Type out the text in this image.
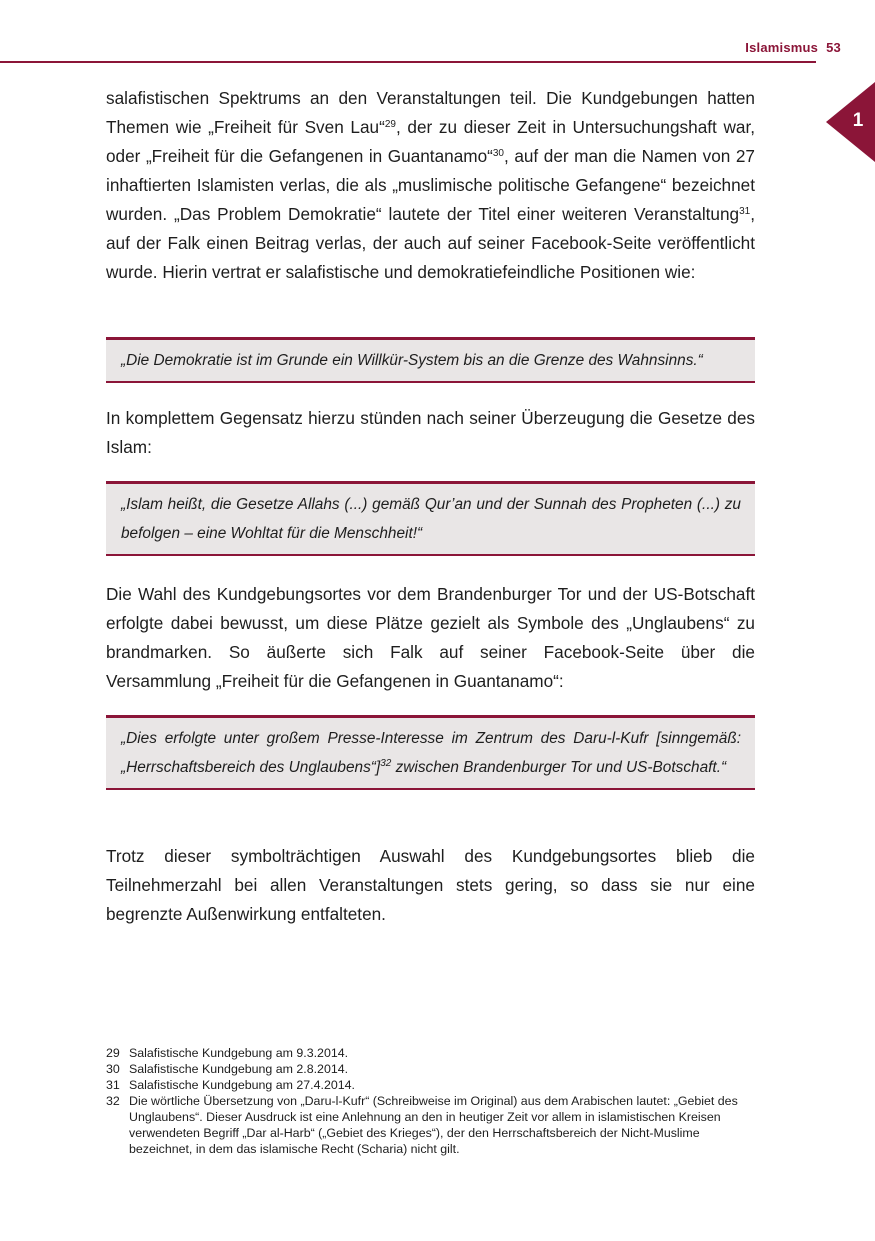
Islamismus 53
1

salafistischen Spektrums an den Veranstaltungen teil. Die Kundgebungen hatten Themen wie „Freiheit für Sven Lau“$^{29}$, der zu dieser Zeit in Untersuchungshaft war, oder „Freiheit für die Gefangenen in Guantanamo“$^{30}$, auf der man die Namen von 27 inhaftierten Islamisten verlas, die als „muslimische politische Gefangene“ bezeichnet wurden. „Das Problem Demokratie“ lautete der Titel einer weiteren Veranstaltung$^{31}$, auf der Falk einen Beitrag verlas, der auch auf seiner Facebook-Seite veröffentlicht wurde. Hierin vertrat er salafistische und demokratiefeindliche Positionen wie:

„Die Demokratie ist im Grunde ein Willkür-System bis an die Grenze des Wahnsinns.“

In komplettem Gegensatz hierzu stünden nach seiner Überzeugung die Gesetze des Islam:

„Islam heißt, die Gesetze Allahs (...) gemäß Qur’an und der Sunnah des Propheten (...) zu befolgen – eine Wohltat für die Menschheit!“

Die Wahl des Kundgebungsortes vor dem Brandenburger Tor und der US-Botschaft erfolgte dabei bewusst, um diese Plätze gezielt als Symbole des „Unglaubens“ zu brandmarken. So äußerte sich Falk auf seiner Facebook-Seite über die Versammlung „Freiheit für die Gefangenen in Guantanamo“:

„Dies erfolgte unter großem Presse-Interesse im Zentrum des Daru-l-Kufr [sinngemäß: „Herrschaftsbereich des Unglaubens“]$^{32}$ zwischen Brandenburger Tor und US-Botschaft.“

Trotz dieser symbolträchtigen Auswahl des Kundgebungsortes blieb die Teilnehmerzahl bei allen Veranstaltungen stets gering, so dass sie nur eine begrenzte Außenwirkung entfalteten.

29 Salafistische Kundgebung am 9.3.2014.
30 Salafistische Kundgebung am 2.8.2014.
31 Salafistische Kundgebung am 27.4.2014.
32 Die wörtliche Übersetzung von „Daru-l-Kufr“ (Schreibweise im Original) aus dem Arabischen lautet: „Gebiet des Unglaubens“. Dieser Ausdruck ist eine Anlehnung an den in heutiger Zeit vor allem in islamistischen Kreisen verwendeten Begriff „Dar al-Harb“ („Gebiet des Krieges“), der den Herrschaftsbereich der Nicht-Muslime bezeichnet, in dem das islamische Recht (Scharia) nicht gilt.
